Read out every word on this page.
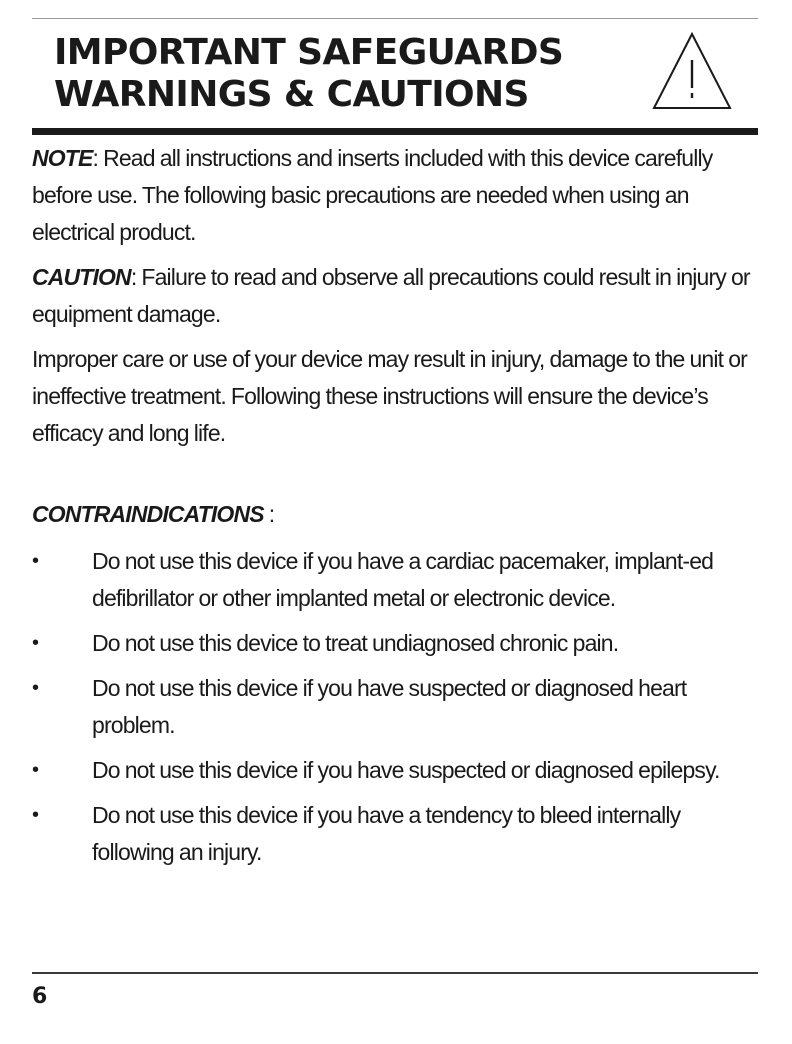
IMPORTANT SAFEGUARDS
WARNINGS & CAUTIONS

NOTE: Read all instructions and inserts included with this device carefully before use. The following basic precautions are needed when using an electrical product.

CAUTION: Failure to read and observe all precautions could result in injury or equipment damage.

Improper care or use of your device may result in injury, damage to the unit or ineffective treatment. Following these instructions will ensure the device’s efficacy and long life.

CONTRAINDICATIONS :
• Do not use this device if you have a cardiac pacemaker, implant-ed defibrillator or other implanted metal or electronic device.
• Do not use this device to treat undiagnosed chronic pain.
• Do not use this device if you have suspected or diagnosed heart problem.
• Do not use this device if you have suspected or diagnosed epilepsy.
• Do not use this device if you have a tendency to bleed internally following an injury.
6
